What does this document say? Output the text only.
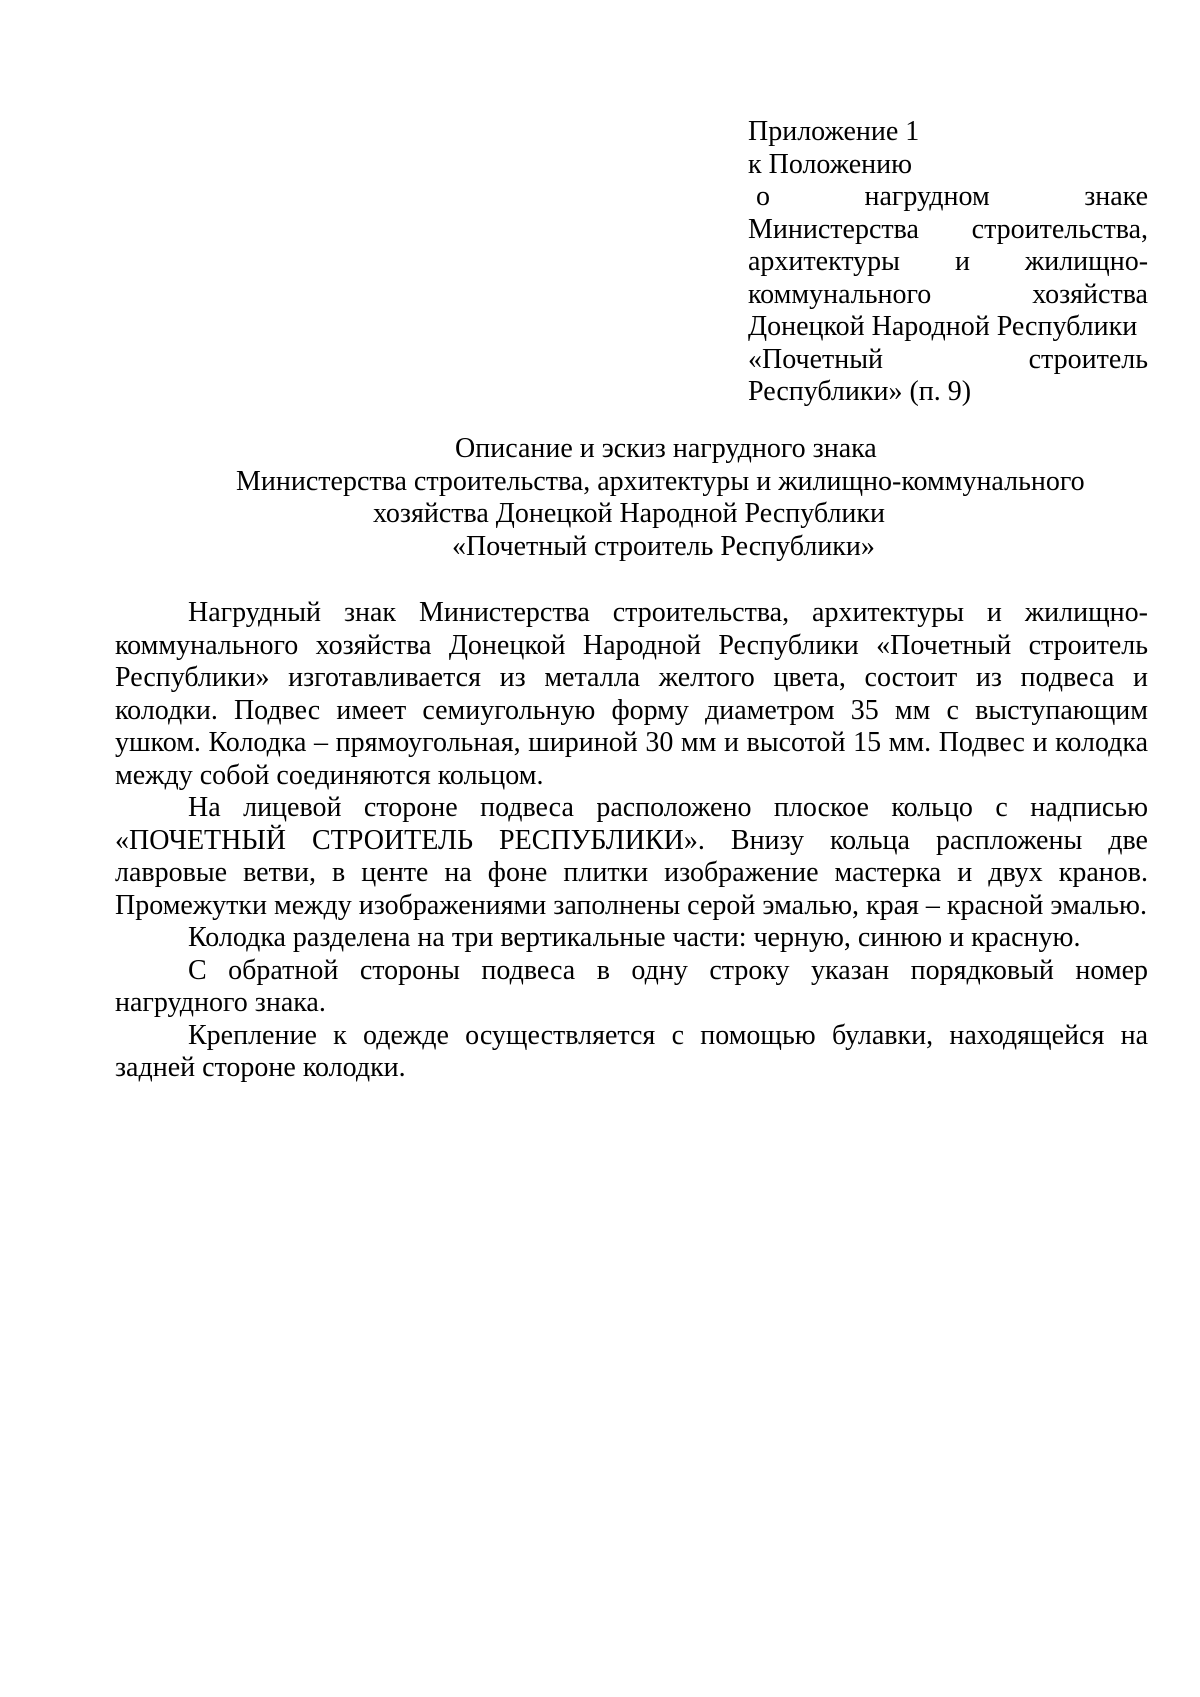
Приложение 1
к Положению
о	нагрудном	знаке
Министерства строительства,
архитектуры и жилищно-
коммунального	хозяйства
Донецкой Народной Республики
«Почетный	строитель
Республики» (п. 9)
Описание и эскиз нагрудного знака
Министерства строительства, архитектуры и жилищно-коммунального
хозяйства Донецкой Народной Республики
«Почетный строитель Республики»

Нагрудный знак Министерства строительства, архитектуры и жилищно-коммунального хозяйства Донецкой Народной Республики «Почетный строитель Республики» изготавливается из металла желтого цвета, состоит из подвеса и колодки. Подвес имеет семиугольную форму диаметром 35 мм с выступающим ушком. Колодка – прямоугольная, шириной 30 мм и высотой 15 мм. Подвес и колодка между собой соединяются кольцом.

На лицевой стороне подвеса расположено плоское кольцо с надписью «ПОЧЕТНЫЙ СТРОИТЕЛЬ РЕСПУБЛИКИ». Внизу кольца распложены две лавровые ветви, в центе на фоне плитки изображение мастерка и двух кранов. Промежутки между изображениями заполнены серой эмалью, края – красной эмалью.

Колодка разделена на три вертикальные части: черную, синюю и красную.

С обратной стороны подвеса в одну строку указан порядковый номер нагрудного знака.

Крепление к одежде осуществляется с помощью булавки, находящейся на задней стороне колодки.
